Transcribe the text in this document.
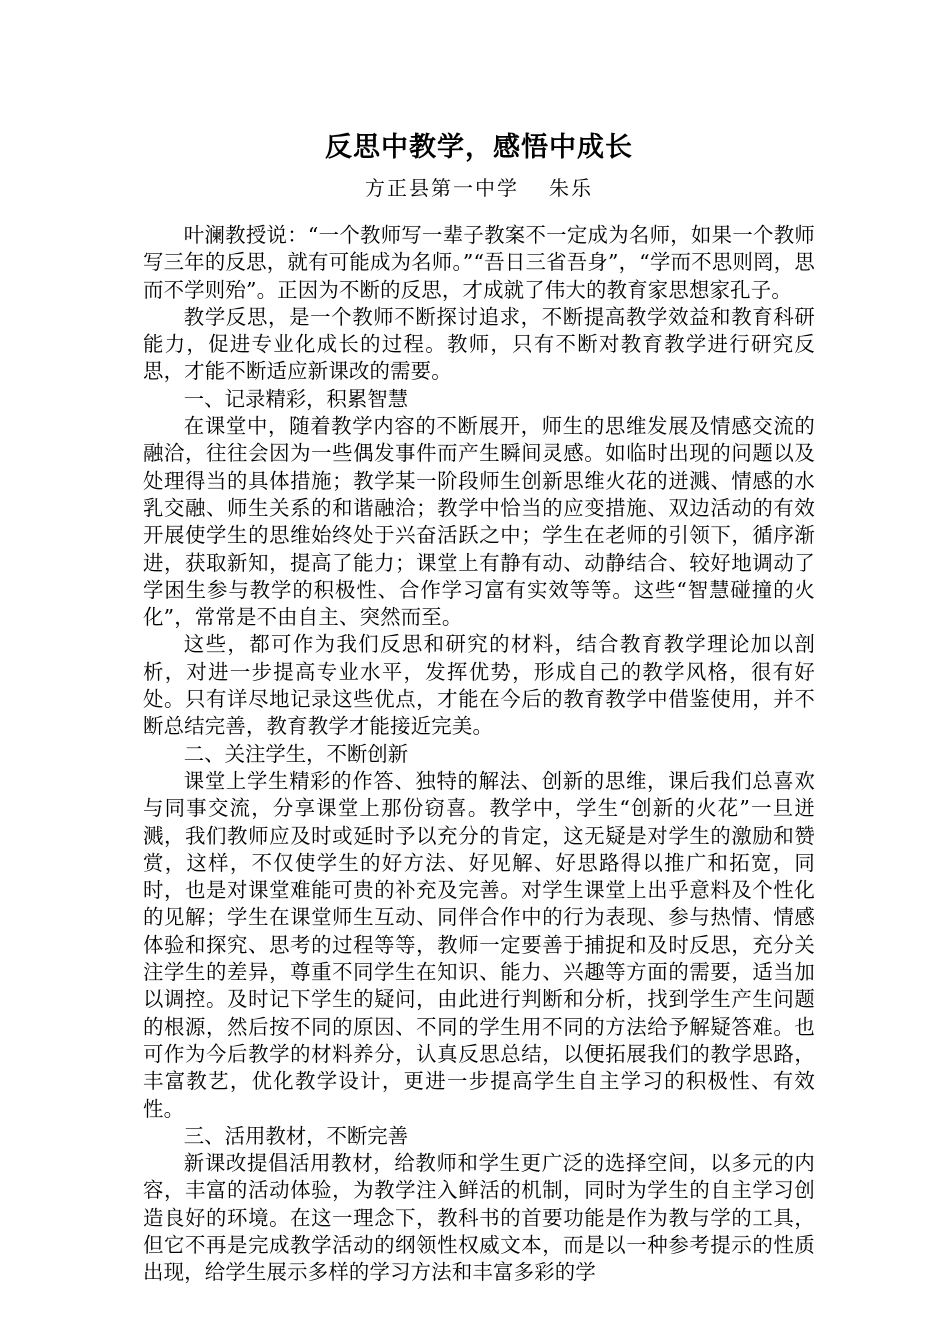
反思中教学，感悟中成长
方正县第一中学 朱乐

叶澜教授说：“一个教师写一辈子教案不一定成为名师，如果一个教师写三年的反思，就有可能成为名师。”“吾日三省吾身”，“学而不思则罔，思而不学则殆”。正因为不断的反思，才成就了伟大的教育家思想家孔子。

教学反思，是一个教师不断探讨追求，不断提高教学效益和教育科研能力，促进专业化成长的过程。教师，只有不断对教育教学进行研究反思，才能不断适应新课改的需要。

一、记录精彩，积累智慧

在课堂中，随着教学内容的不断展开，师生的思维发展及情感交流的融洽，往往会因为一些偶发事件而产生瞬间灵感。如临时出现的问题以及处理得当的具体措施；教学某一阶段师生创新思维火花的迸溅、情感的水乳交融、师生关系的和谐融洽；教学中恰当的应变措施、双边活动的有效开展使学生的思维始终处于兴奋活跃之中；学生在老师的引领下，循序渐进，获取新知，提高了能力；课堂上有静有动、动静结合、较好地调动了学困生参与教学的积极性、合作学习富有实效等等。这些“智慧碰撞的火化”，常常是不由自主、突然而至。

这些，都可作为我们反思和研究的材料，结合教育教学理论加以剖析，对进一步提高专业水平，发挥优势，形成自己的教学风格，很有好处。只有详尽地记录这些优点，才能在今后的教育教学中借鉴使用，并不断总结完善，教育教学才能接近完美。

二、关注学生，不断创新

课堂上学生精彩的作答、独特的解法、创新的思维，课后我们总喜欢与同事交流，分享课堂上那份窃喜。教学中，学生“创新的火花”一旦迸溅，我们教师应及时或延时予以充分的肯定，这无疑是对学生的激励和赞赏，这样，不仅使学生的好方法、好见解、好思路得以推广和拓宽，同时，也是对课堂难能可贵的补充及完善。对学生课堂上出乎意料及个性化的见解；学生在课堂师生互动、同伴合作中的行为表现、参与热情、情感体验和探究、思考的过程等等，教师一定要善于捕捉和及时反思，充分关注学生的差异，尊重不同学生在知识、能力、兴趣等方面的需要，适当加以调控。及时记下学生的疑问，由此进行判断和分析，找到学生产生问题的根源，然后按不同的原因、不同的学生用不同的方法给予解疑答难。也可作为今后教学的材料养分，认真反思总结，以便拓展我们的教学思路，丰富教艺，优化教学设计，更进一步提高学生自主学习的积极性、有效性。

三、活用教材，不断完善

新课改提倡活用教材，给教师和学生更广泛的选择空间，以多元的内容，丰富的活动体验，为教学注入鲜活的机制，同时为学生的自主学习创造良好的环境。在这一理念下，教科书的首要功能是作为教与学的工具，但它不再是完成教学活动的纲领性权威文本，而是以一种参考提示的性质出现，给学生展示多样的学习方法和丰富多彩的学
